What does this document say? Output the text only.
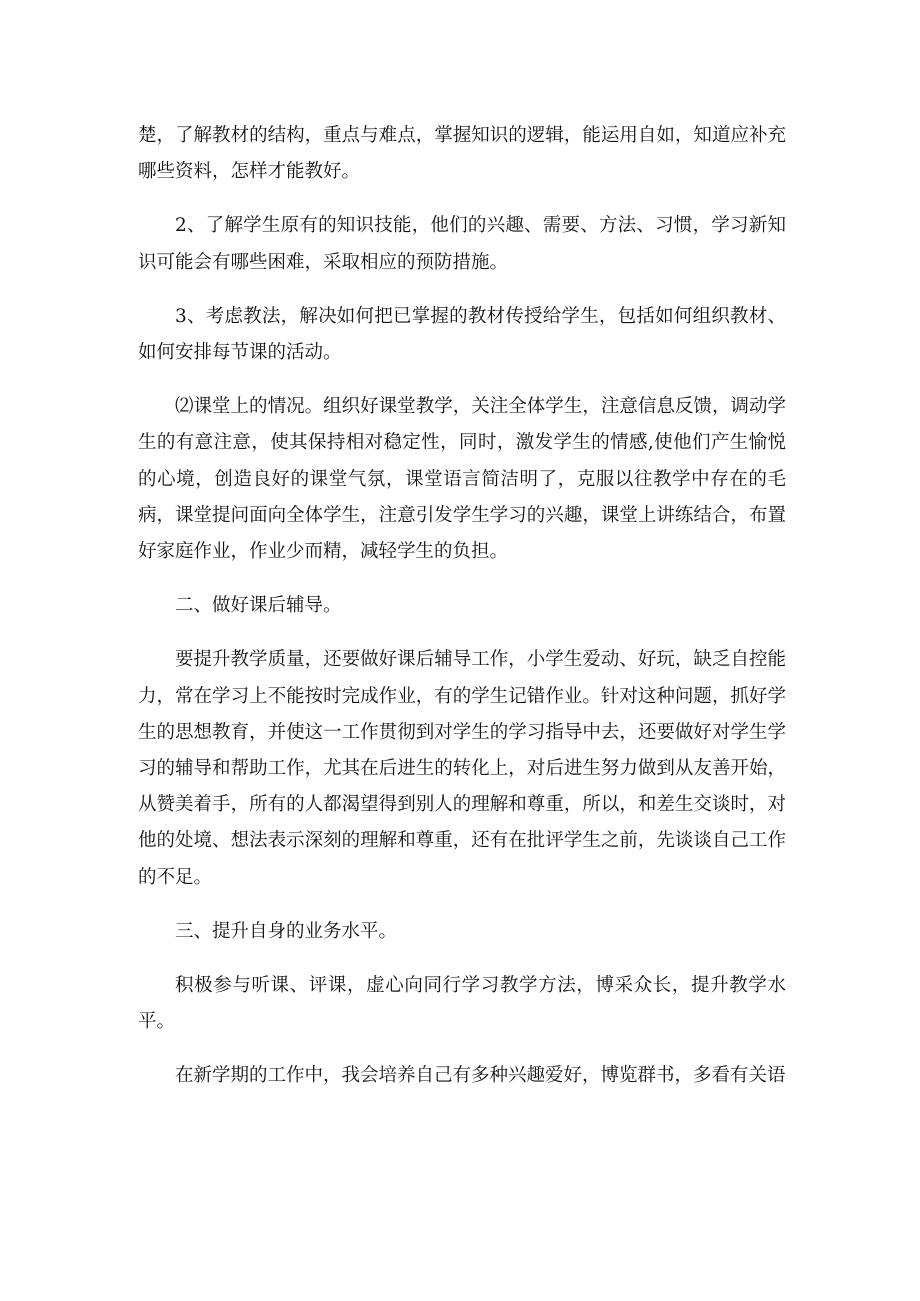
楚，了解教材的结构，重点与难点，掌握知识的逻辑，能运用自如，知道应补充哪些资料，怎样才能教好。

2、了解学生原有的知识技能，他们的兴趣、需要、方法、习惯，学习新知识可能会有哪些困难，采取相应的预防措施。

3、考虑教法，解决如何把已掌握的教材传授给学生，包括如何组织教材、如何安排每节课的活动。

⑵课堂上的情况。组织好课堂教学，关注全体学生，注意信息反馈，调动学生的有意注意，使其保持相对稳定性，同时，激发学生的情感,使他们产生愉悦的心境，创造良好的课堂气氛，课堂语言简洁明了，克服以往教学中存在的毛病，课堂提问面向全体学生，注意引发学生学习的兴趣，课堂上讲练结合，布置好家庭作业，作业少而精，减轻学生的负担。

二、做好课后辅导。

要提升教学质量，还要做好课后辅导工作，小学生爱动、好玩，缺乏自控能力，常在学习上不能按时完成作业，有的学生记错作业。针对这种问题，抓好学生的思想教育，并使这一工作贯彻到对学生的学习指导中去，还要做好对学生学习的辅导和帮助工作，尤其在后进生的转化上，对后进生努力做到从友善开始，从赞美着手，所有的人都渴望得到别人的理解和尊重，所以，和差生交谈时，对他的处境、想法表示深刻的理解和尊重，还有在批评学生之前，先谈谈自己工作的不足。

三、提升自身的业务水平。

积极参与听课、评课，虚心向同行学习教学方法，博采众长，提升教学水平。

在新学期的工作中，我会培养自己有多种兴趣爱好，博览群书，多看有关语
